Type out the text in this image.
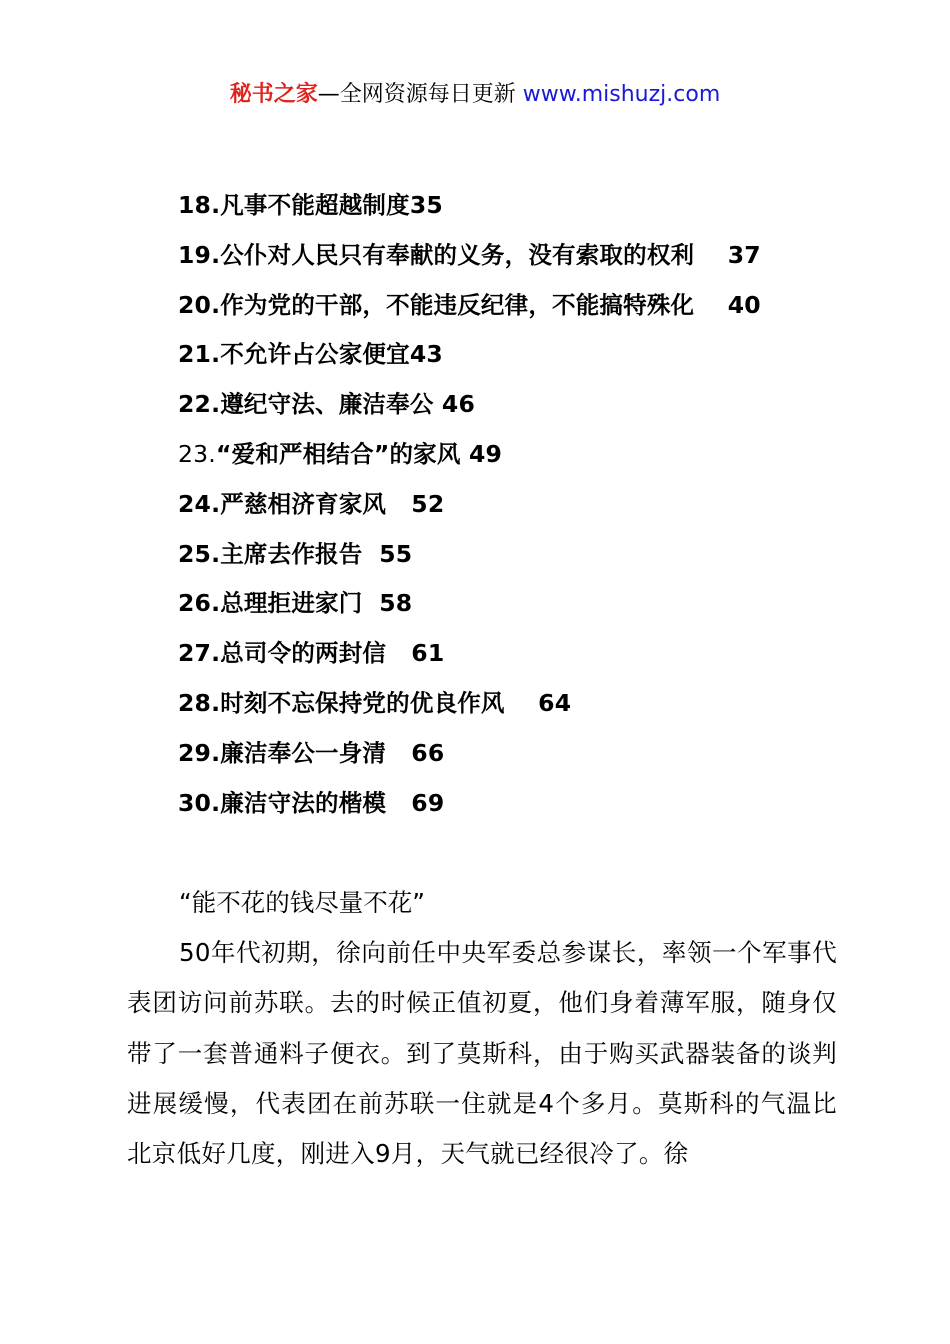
秘书之家—全网资源每日更新 www.mishuzj.com
18.凡事不能超越制度35
19.公仆对人民只有奉献的义务，没有索取的权利    37
20.作为党的干部，不能违反纪律，不能搞特殊化    40
21.不允许占公家便宜43
22.遵纪守法、廉洁奉公 46
23.“爱和严相结合”的家风 49
24.严慈相济育家风   52
25.主席去作报告  55
26.总理拒进家门  58
27.总司令的两封信   61
28.时刻不忘保持党的优良作风    64
29.廉洁奉公一身清   66
30.廉洁守法的楷模   69

“能不花的钱尽量不花”

50年代初期，徐向前任中央军委总参谋长，率领一个军事代表团访问前苏联。去的时候正值初夏，他们身着薄军服，随身仅带了一套普通料子便衣。到了莫斯科，由于购买武器装备的谈判进展缓慢，代表团在前苏联一住就是4个多月。莫斯科的气温比北京低好几度，刚进入9月，天气就已经很冷了。徐
